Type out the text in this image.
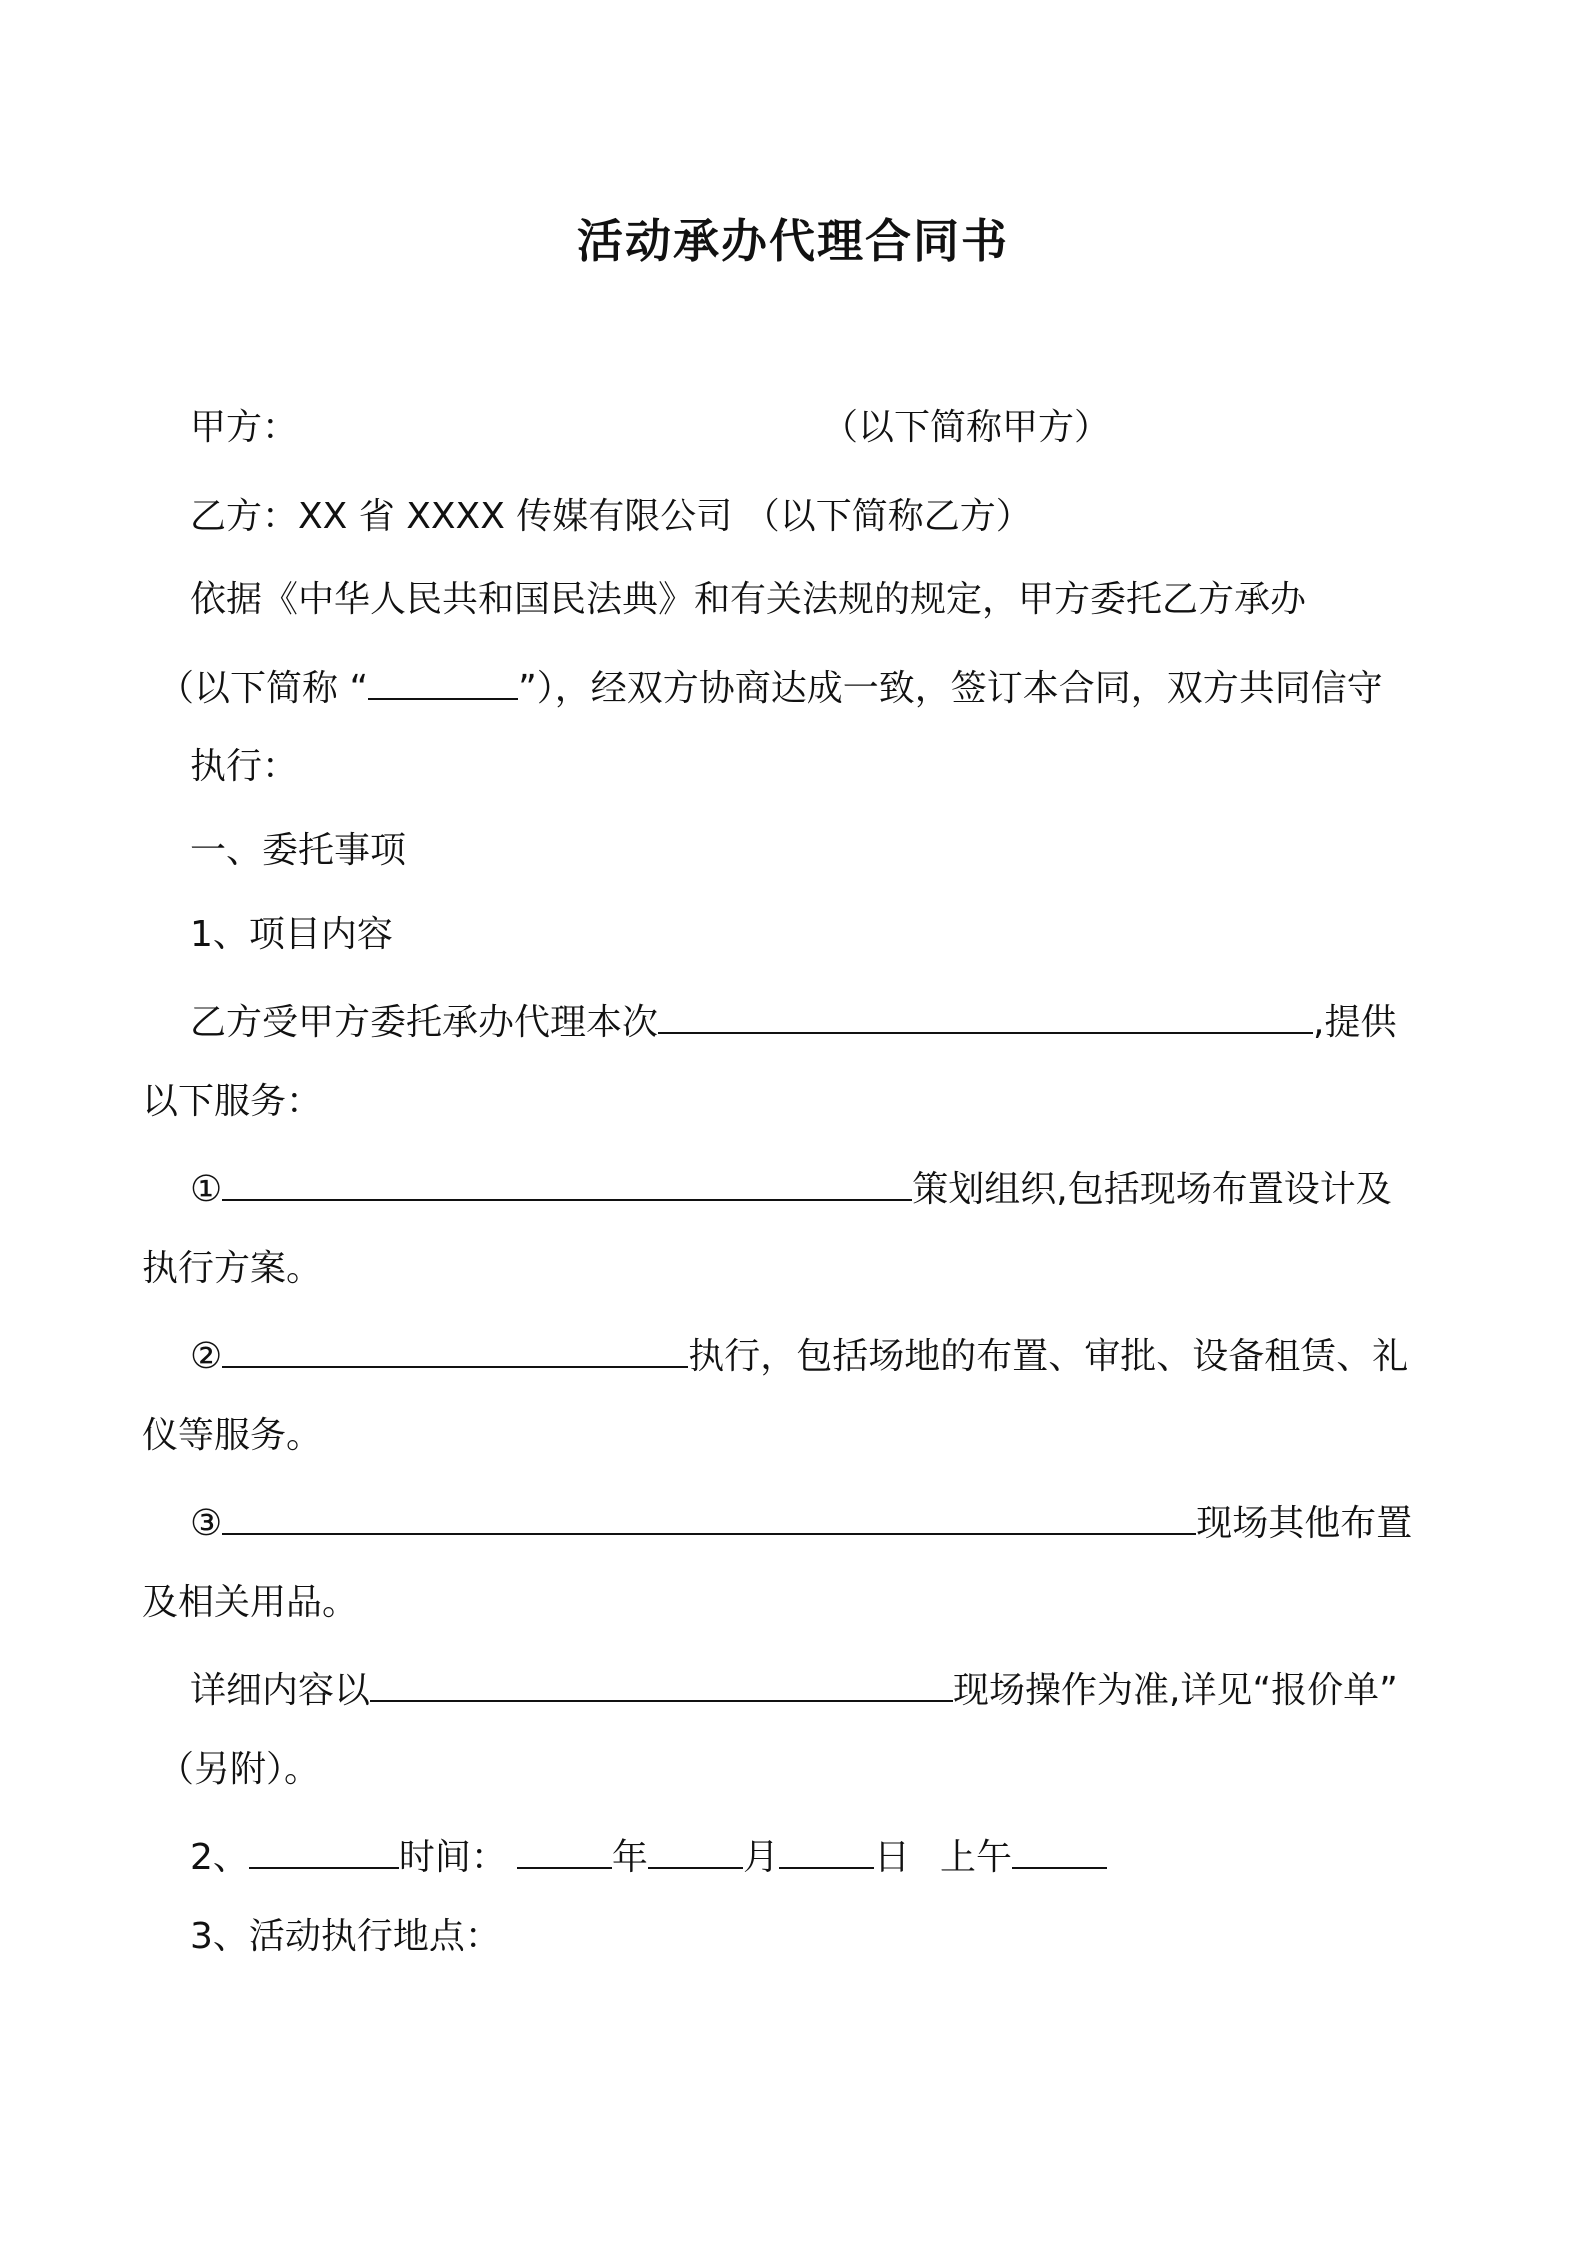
活动承办代理合同书
甲方：	（以下简称甲方）
乙方：XX 省 XXXX 传媒有限公司 （以下简称乙方）
依据《中华人民共和国民法典》和有关法规的规定，甲方委托乙方承办
（以下简称 “	”），经双方协商达成一致，签订本合同，双方共同信守
执行：
一、委托事项
1、项目内容
乙方受甲方委托承办代理本次	,提供
以下服务：
①	策划组织,包括现场布置设计及
执行方案。
②	执行，包括场地的布置、审批、设备租赁、礼
仪等服务。
③	现场其他布置
及相关用品。
详细内容以	现场操作为准,详见“报价单”
（另附）。
2、	时间：	年	月	日 上午
3、活动执行地点：
